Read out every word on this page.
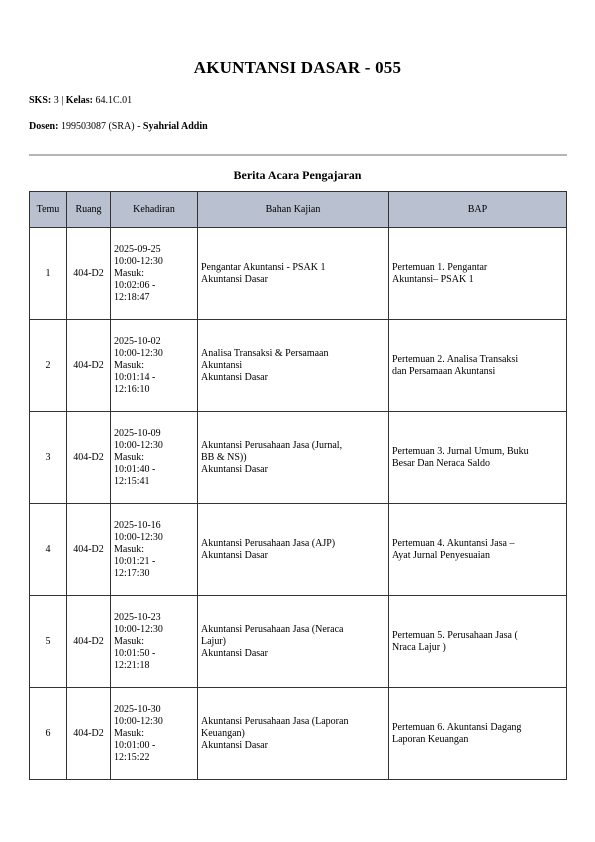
AKUNTANSI DASAR - 055
SKS: 3 | Kelas: 64.1C.01
Dosen: 199503087 (SRA) - Syahrial Addin
Berita Acara Pengajaran
Temu	Ruang	Kehadiran	Bahan Kajian	BAP
1	404-D2	2025-09-25
10:00-12:30
Masuk:
10:02:06 -
12:18:47	Pengantar Akuntansi - PSAK 1
Akuntansi Dasar	Pertemuan 1. Pengantar
Akuntansi– PSAK 1

2	404-D2	2025-10-02
10:00-12:30
Masuk:
10:01:14 -
12:16:10	Analisa Transaksi & Persamaan
Akuntansi
Akuntansi Dasar	Pertemuan 2. Analisa Transaksi
dan Persamaan Akuntansi

3	404-D2	2025-10-09
10:00-12:30
Masuk:
10:01:40 -
12:15:41	Akuntansi Perusahaan Jasa (Jurnal,
BB & NS))
Akuntansi Dasar	Pertemuan 3. Jurnal Umum, Buku
Besar Dan Neraca Saldo

4	404-D2	2025-10-16
10:00-12:30
Masuk:
10:01:21 -
12:17:30	Akuntansi Perusahaan Jasa (AJP)
Akuntansi Dasar	Pertemuan 4. Akuntansi Jasa –
Ayat Jurnal Penyesuaian

5	404-D2	2025-10-23
10:00-12:30
Masuk:
10:01:50 -
12:21:18	Akuntansi Perusahaan Jasa (Neraca
Lajur)
Akuntansi Dasar	Pertemuan 5. Perusahaan Jasa (
Nraca Lajur )

6	404-D2	2025-10-30
10:00-12:30
Masuk:
10:01:00 -
12:15:22	Akuntansi Perusahaan Jasa (Laporan
Keuangan)
Akuntansi Dasar	Pertemuan 6. Akuntansi Dagang
Laporan Keuangan
